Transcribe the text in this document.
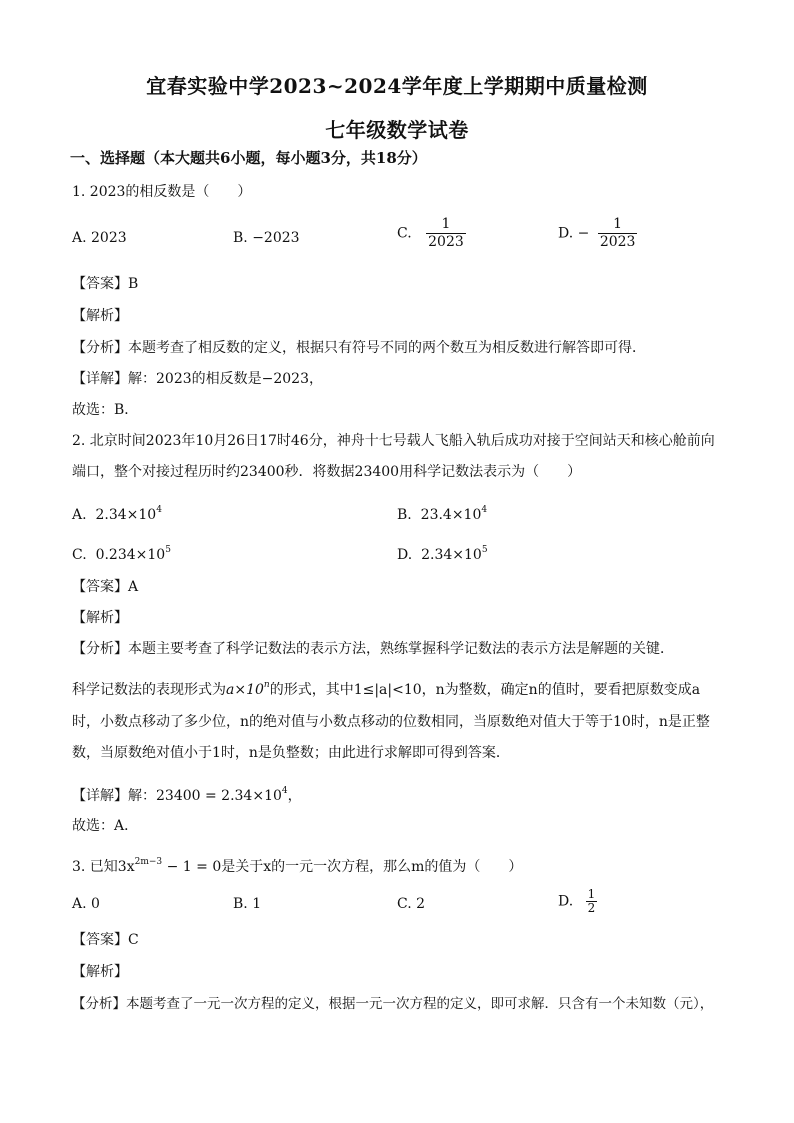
宜春实验中学2023~2024学年度上学期期中质量检测
七年级数学试卷
一、选择题（本大题共6小题，每小题3分，共18分）
1. 2023的相反数是（　　）
A. 2023	B. −2023	C. $\frac{1}{2023}$	D. − $\frac{1}{2023}$
【答案】B
【解析】
【分析】本题考查了相反数的定义，根据只有符号不同的两个数互为相反数进行解答即可得．
【详解】解：2023的相反数是−2023，
故选：B．
2. 北京时间2023年10月26日17时46分，神舟十七号载人飞船入轨后成功对接于空间站天和核心舱前向
端口，整个对接过程历时约23400秒．将数据23400用科学记数法表示为（　　）
A. $2.34\times 10^4$	B. $23.4\times 10^4$
C. $0.234\times 10^5$	D. $2.34\times 10^5$
【答案】A
【解析】
【分析】本题主要考查了科学记数法的表示方法，熟练掌握科学记数法的表示方法是解题的关键．
科学记数法的表现形式为$a\times 10^n$的形式，其中1≤|a|<10，n为整数，确定n的值时，要看把原数变成a
时，小数点移动了多少位，n的绝对值与小数点移动的位数相同，当原数绝对值大于等于10时，n是正整
数，当原数绝对值小于1时，n是负整数；由此进行求解即可得到答案．
【详解】解：$23400 = 2.34\times 10^4$，
故选：A．
3. 已知$3x^{2m-3} - 1 = 0$是关于x的一元一次方程，那么m的值为（　　）
A. 0	B. 1	C. 2	D. $\frac{1}{2}$
【答案】C
【解析】
【分析】本题考查了一元一次方程的定义，根据一元一次方程的定义，即可求解．只含有一个未知数（元），
